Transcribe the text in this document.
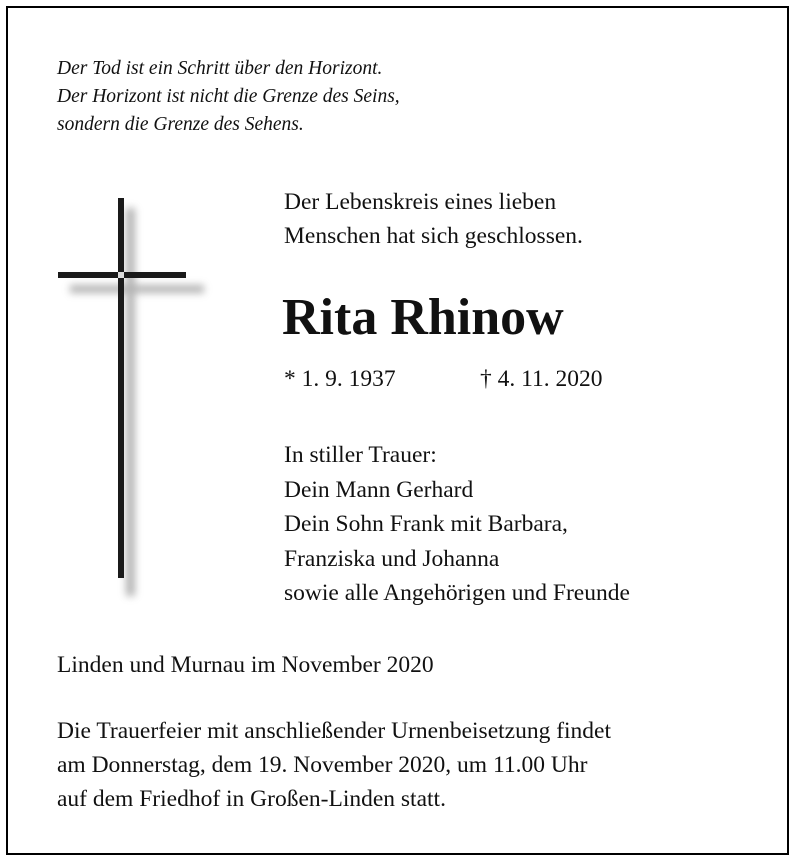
Der Tod ist ein Schritt über den Horizont.
Der Horizont ist nicht die Grenze des Seins,
sondern die Grenze des Sehens.
Der Lebenskreis eines lieben
Menschen hat sich geschlossen.
Rita Rhinow
* 1. 9. 1937	† 4. 11. 2020
In stiller Trauer:
Dein Mann Gerhard
Dein Sohn Frank mit Barbara,
Franziska und Johanna
sowie alle Angehörigen und Freunde
Linden und Murnau im November 2020
Die Trauerfeier mit anschließender Urnenbeisetzung findet
am Donnerstag, dem 19. November 2020, um 11.00 Uhr
auf dem Friedhof in Großen-Linden statt.
